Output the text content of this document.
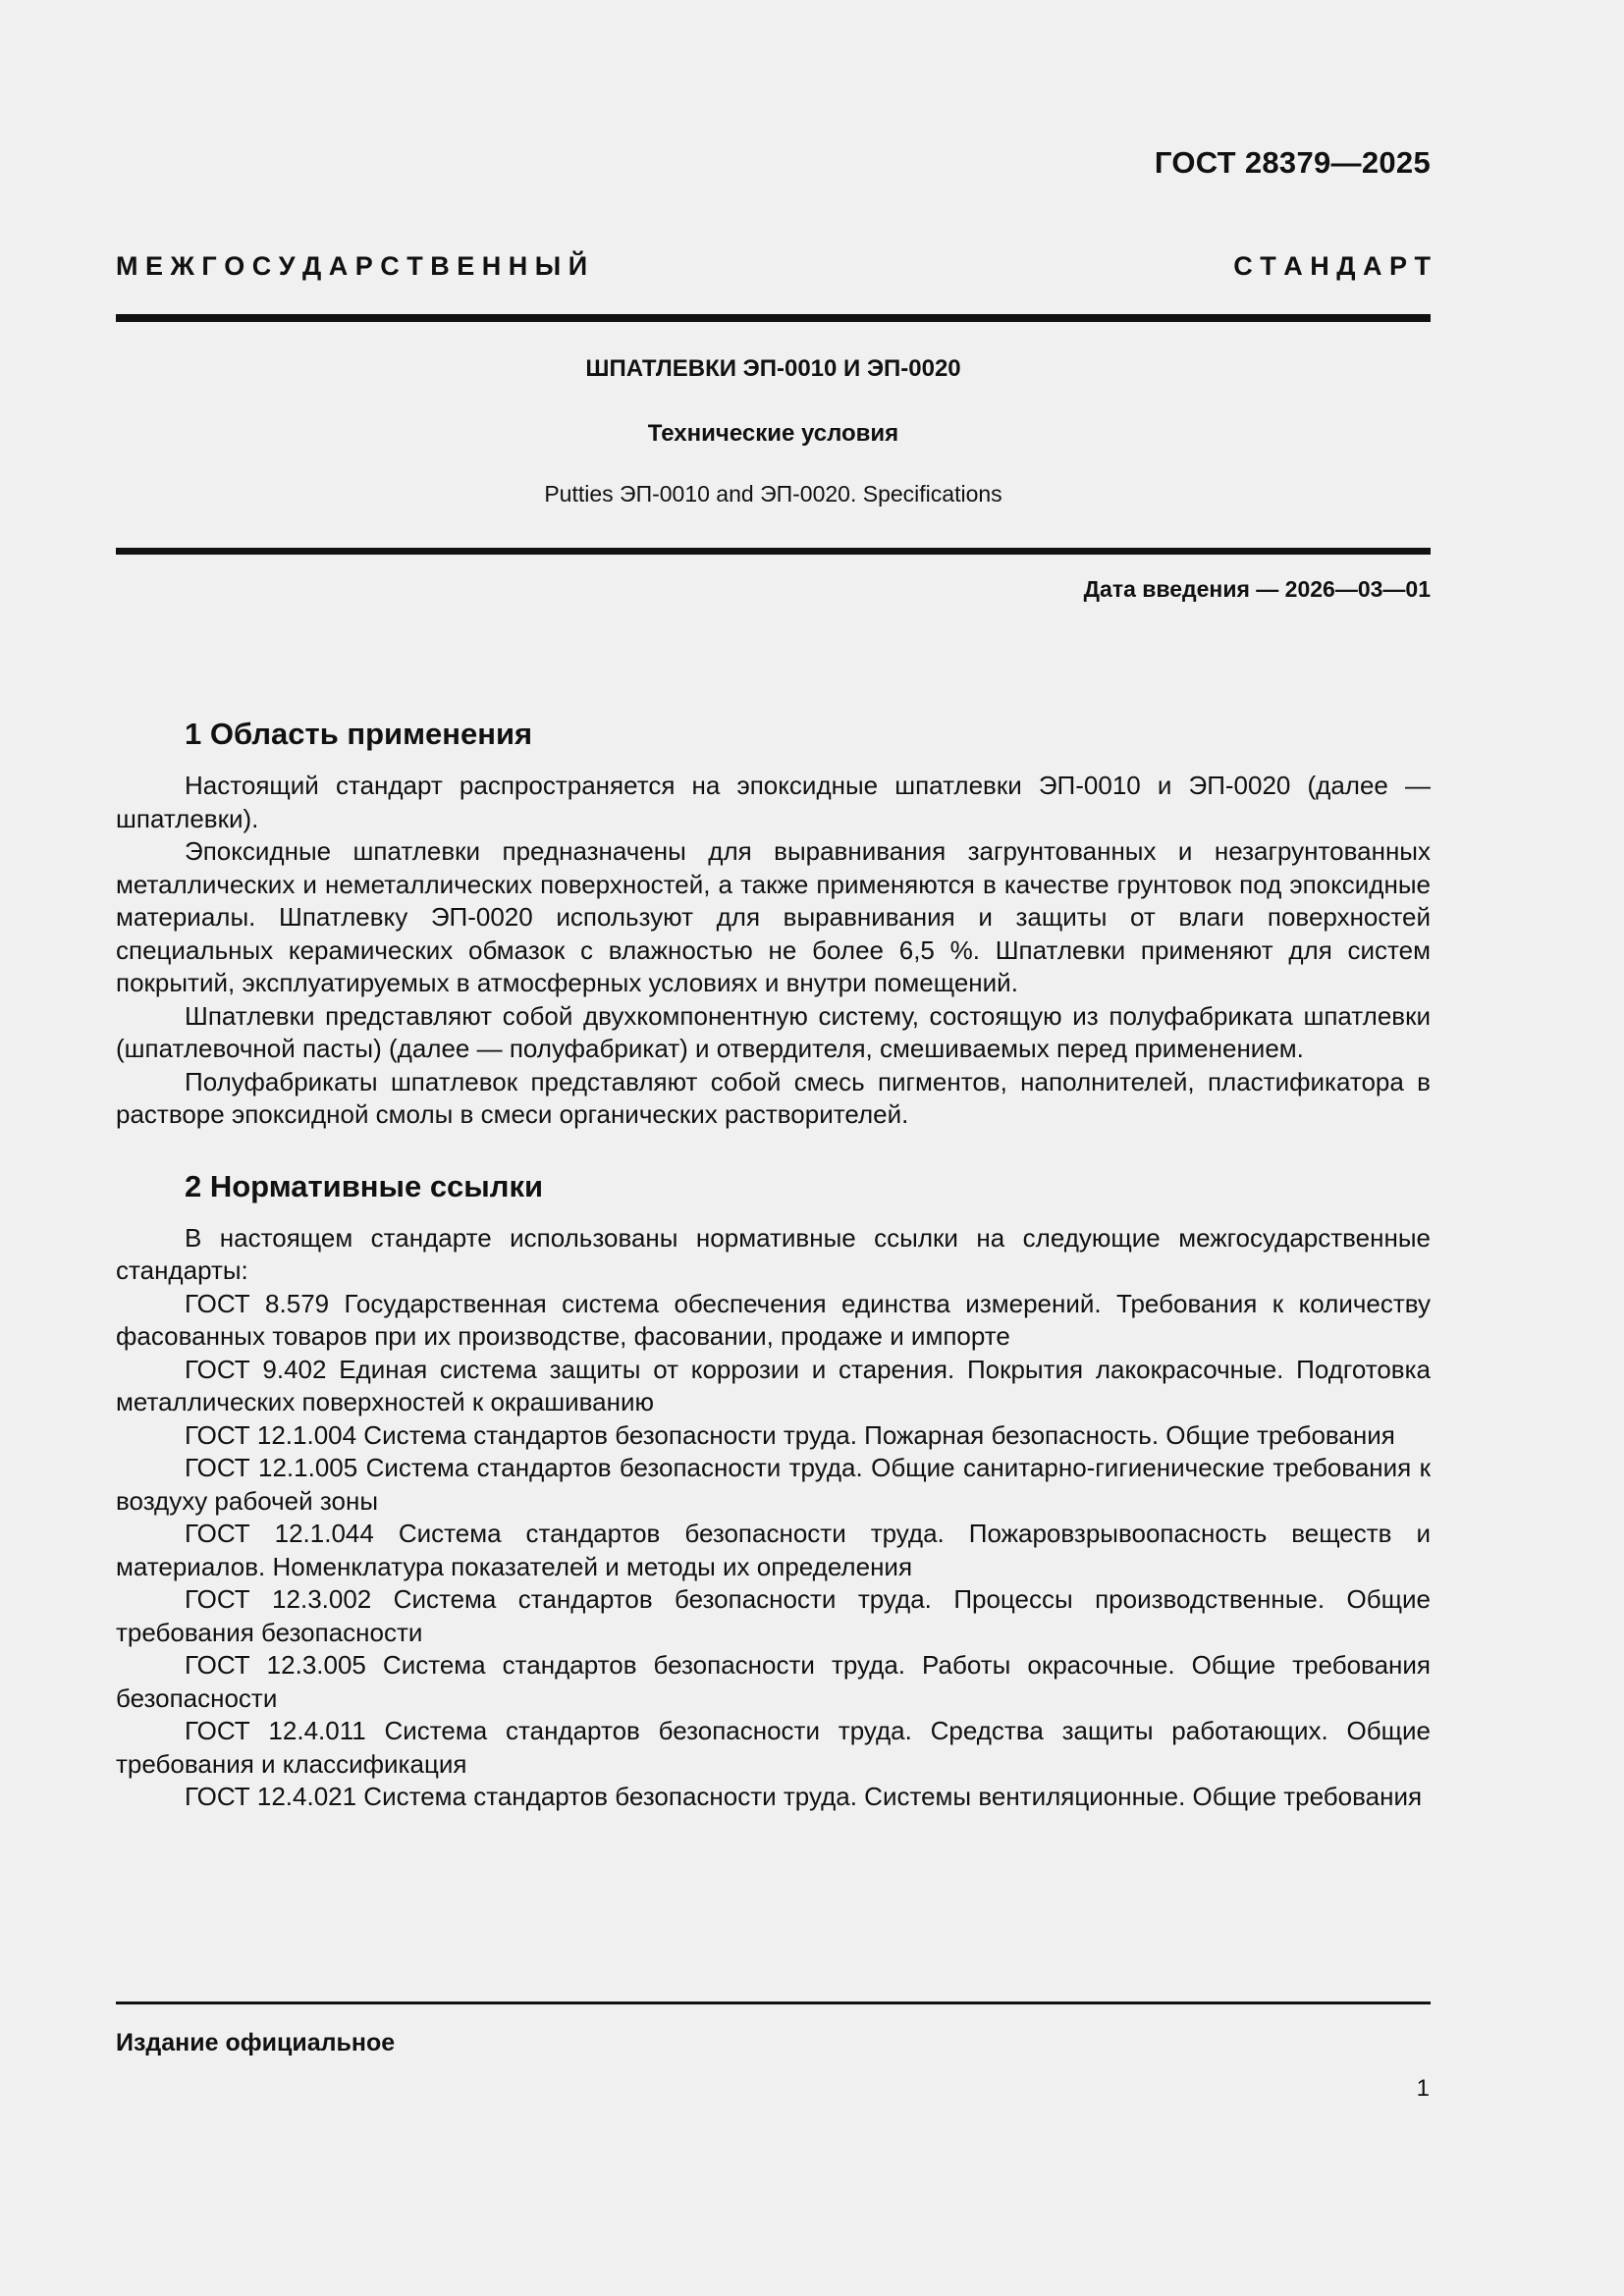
ГОСТ 28379—2025
М Е Ж Г О С У Д А Р С Т В Е Н Н Ы Й	С Т А Н Д А Р Т
ШПАТЛЕВКИ ЭП-0010 И ЭП-0020
Технические условия
Putties ЭП-0010 and ЭП-0020. Specifications
Дата введения — 2026—03—01
1 Область применения

Настоящий стандарт распространяется на эпоксидные шпатлевки ЭП-0010 и ЭП-0020 (далее — шпатлевки).

Эпоксидные шпатлевки предназначены для выравнивания загрунтованных и незагрунтованных металлических и неметаллических поверхностей, а также применяются в качестве грунтовок под эпоксидные материалы. Шпатлевку ЭП-0020 используют для выравнивания и защиты от влаги поверхностей специальных керамических обмазок с влажностью не более 6,5 %. Шпатлевки применяют для систем покрытий, эксплуатируемых в атмосферных условиях и внутри помещений.

Шпатлевки представляют собой двухкомпонентную систему, состоящую из полуфабриката шпатлевки (шпатлевочной пасты) (далее — полуфабрикат) и отвердителя, смешиваемых перед применением.

Полуфабрикаты шпатлевок представляют собой смесь пигментов, наполнителей, пластификатора в растворе эпоксидной смолы в смеси органических растворителей.

2 Нормативные ссылки

В настоящем стандарте использованы нормативные ссылки на следующие межгосударственные стандарты:

ГОСТ 8.579 Государственная система обеспечения единства измерений. Требования к количеству фасованных товаров при их производстве, фасовании, продаже и импорте

ГОСТ 9.402 Единая система защиты от коррозии и старения. Покрытия лакокрасочные. Подготовка металлических поверхностей к окрашиванию

ГОСТ 12.1.004 Система стандартов безопасности труда. Пожарная безопасность. Общие требования

ГОСТ 12.1.005 Система стандартов безопасности труда. Общие санитарно-гигиенические требования к воздуху рабочей зоны

ГОСТ 12.1.044 Система стандартов безопасности труда. Пожаровзрывоопасность веществ и материалов. Номенклатура показателей и методы их определения

ГОСТ 12.3.002 Система стандартов безопасности труда. Процессы производственные. Общие требования безопасности

ГОСТ 12.3.005 Система стандартов безопасности труда. Работы окрасочные. Общие требования безопасности

ГОСТ 12.4.011 Система стандартов безопасности труда. Средства защиты работающих. Общие требования и классификация

ГОСТ 12.4.021 Система стандартов безопасности труда. Системы вентиляционные. Общие требования

Издание официальное
1
